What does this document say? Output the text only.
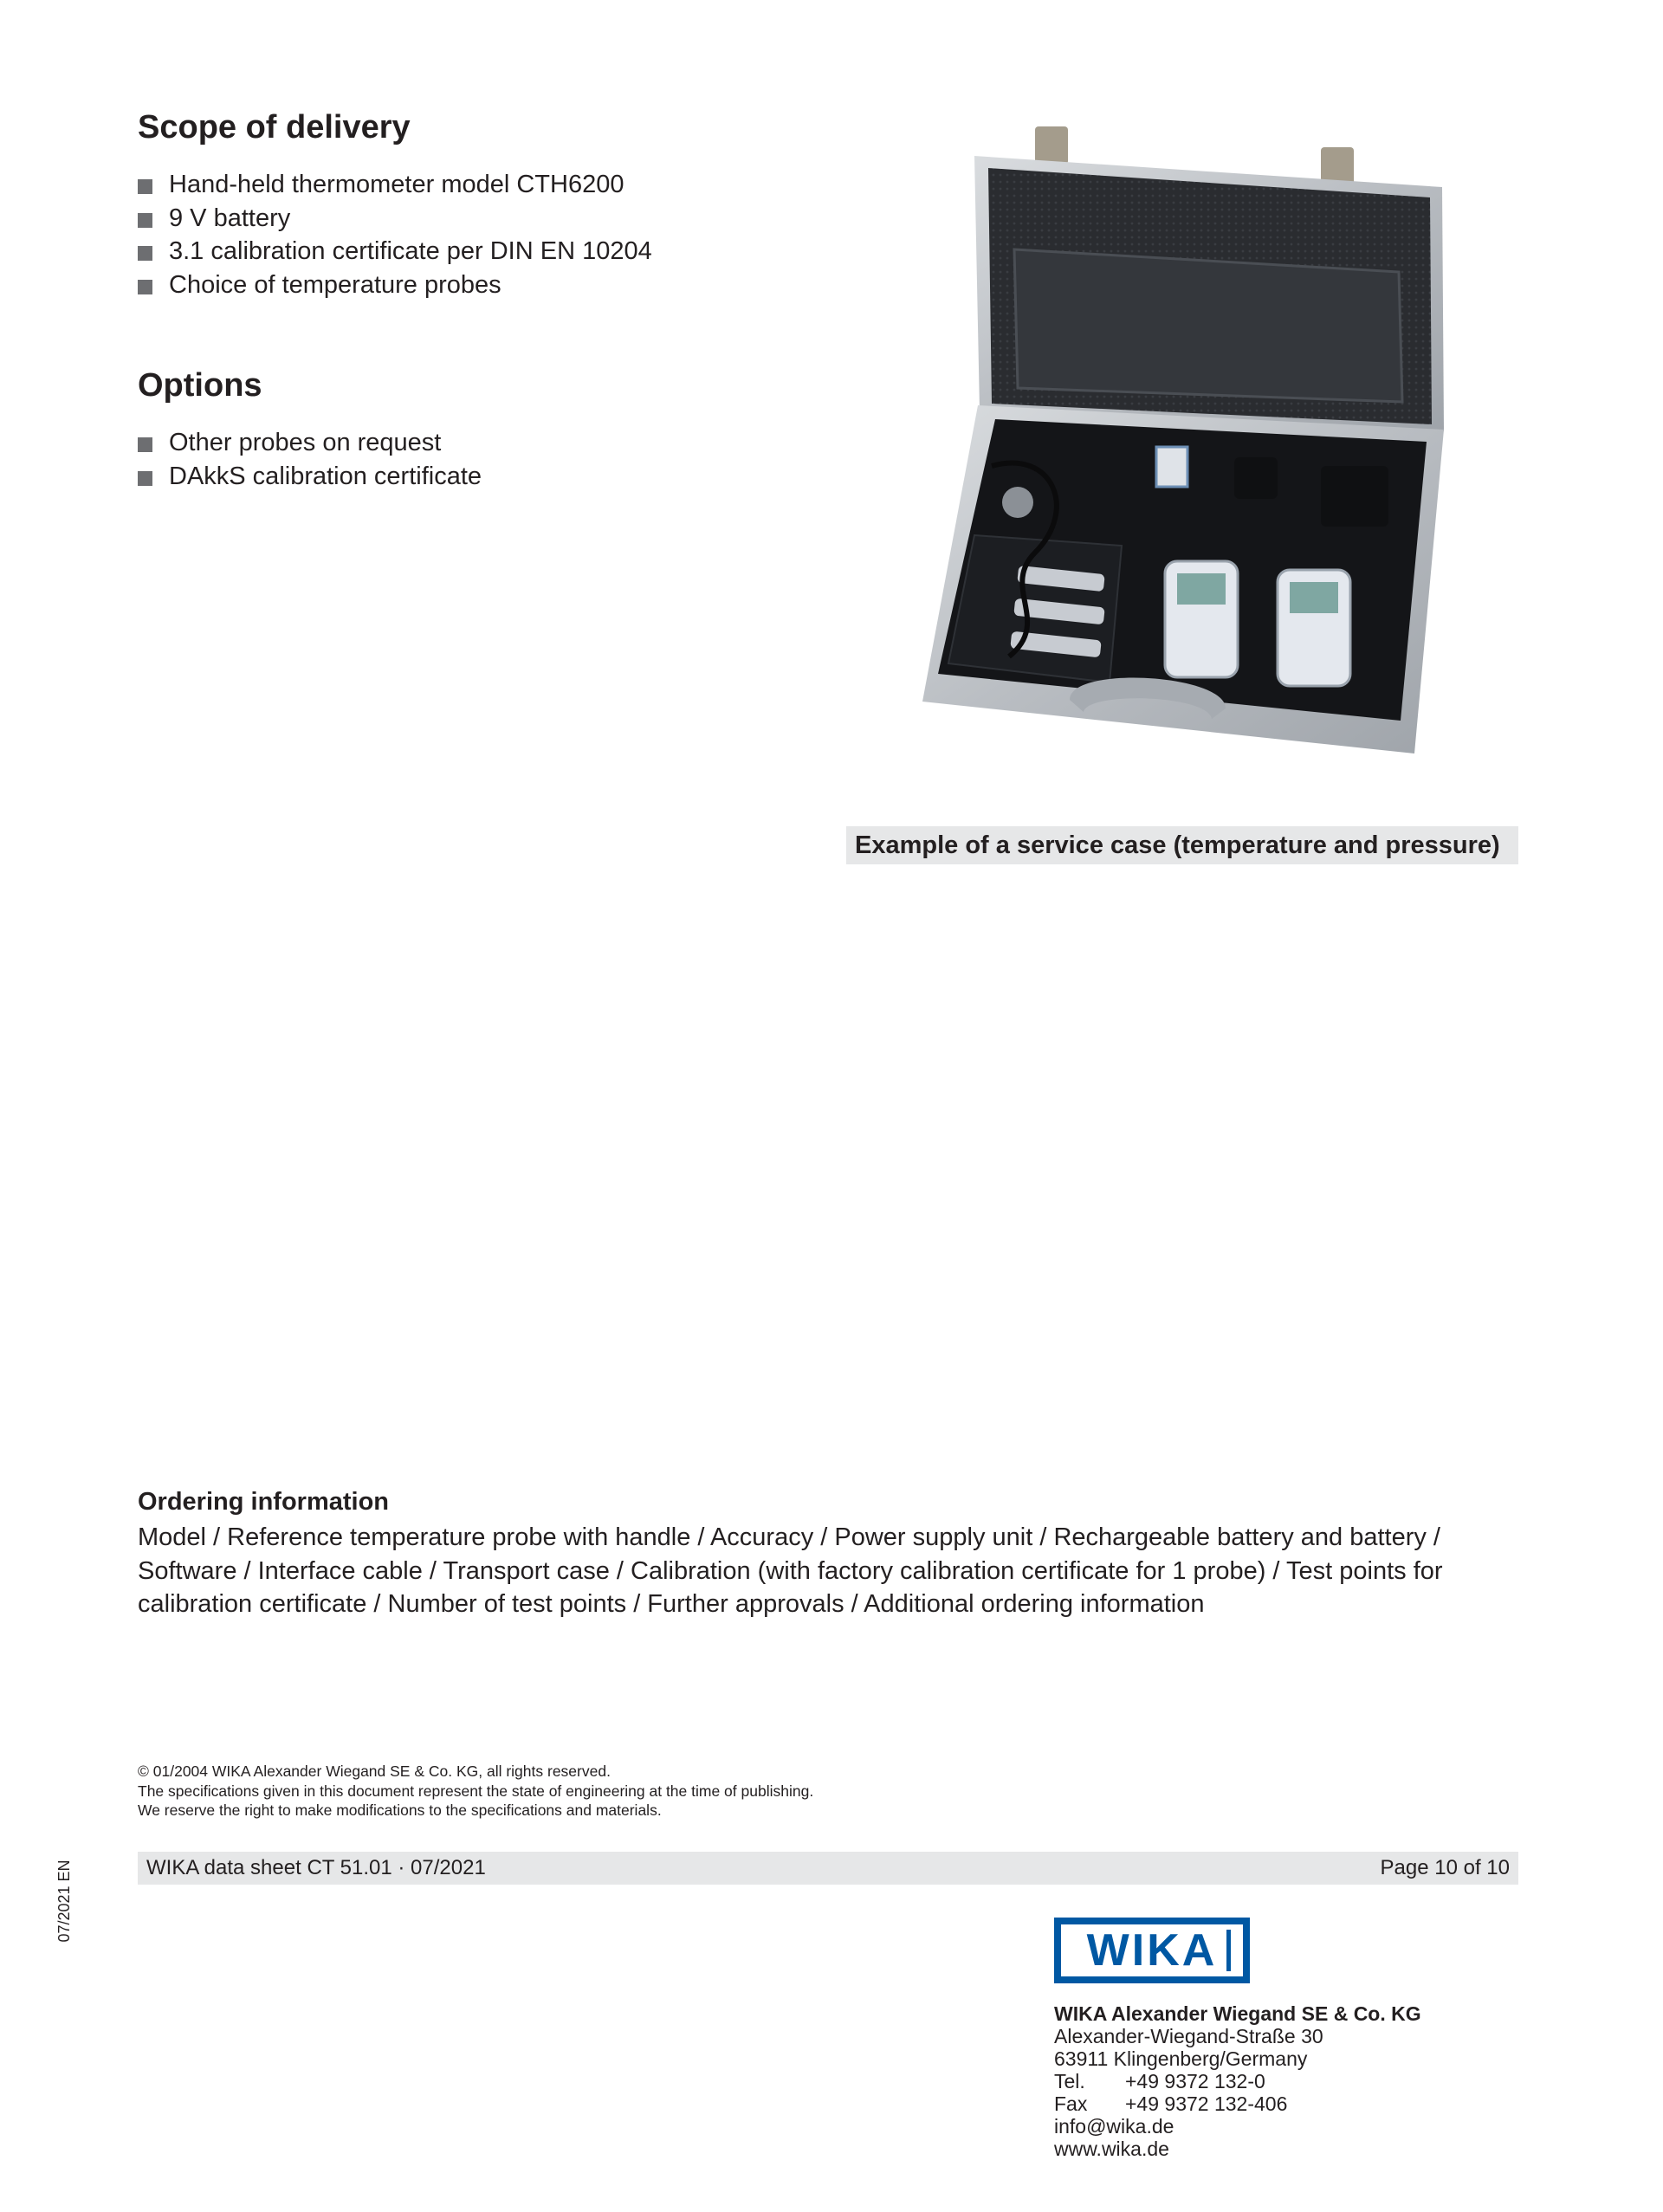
Scope of delivery
Hand-held thermometer model CTH6200
9 V battery
3.1 calibration certificate per DIN EN 10204
Choice of temperature probes
Options
Other probes on request
DAkkS calibration certificate
Example of a service case (temperature and pressure)
Ordering information
Model / Reference temperature probe with handle / Accuracy / Power supply unit / Rechargeable battery and battery / Software / Interface cable / Transport case / Calibration (with factory calibration certificate for 1 probe) / Test points for calibration certificate / Number of test points / Further approvals / Additional ordering information
© 01/2004 WIKA Alexander Wiegand SE & Co. KG, all rights reserved.
The specifications given in this document represent the state of engineering at the time of publishing.
We reserve the right to make modifications to the specifications and materials.
WIKA data sheet CT 51.01 · 07/2021	Page 10 of 10
07/2021 EN
WIKA
WIKA Alexander Wiegand SE & Co. KG
Alexander-Wiegand-Straße 30
63911 Klingenberg/Germany
Tel. +49 9372 132-0
Fax +49 9372 132-406
info@wika.de
www.wika.de
